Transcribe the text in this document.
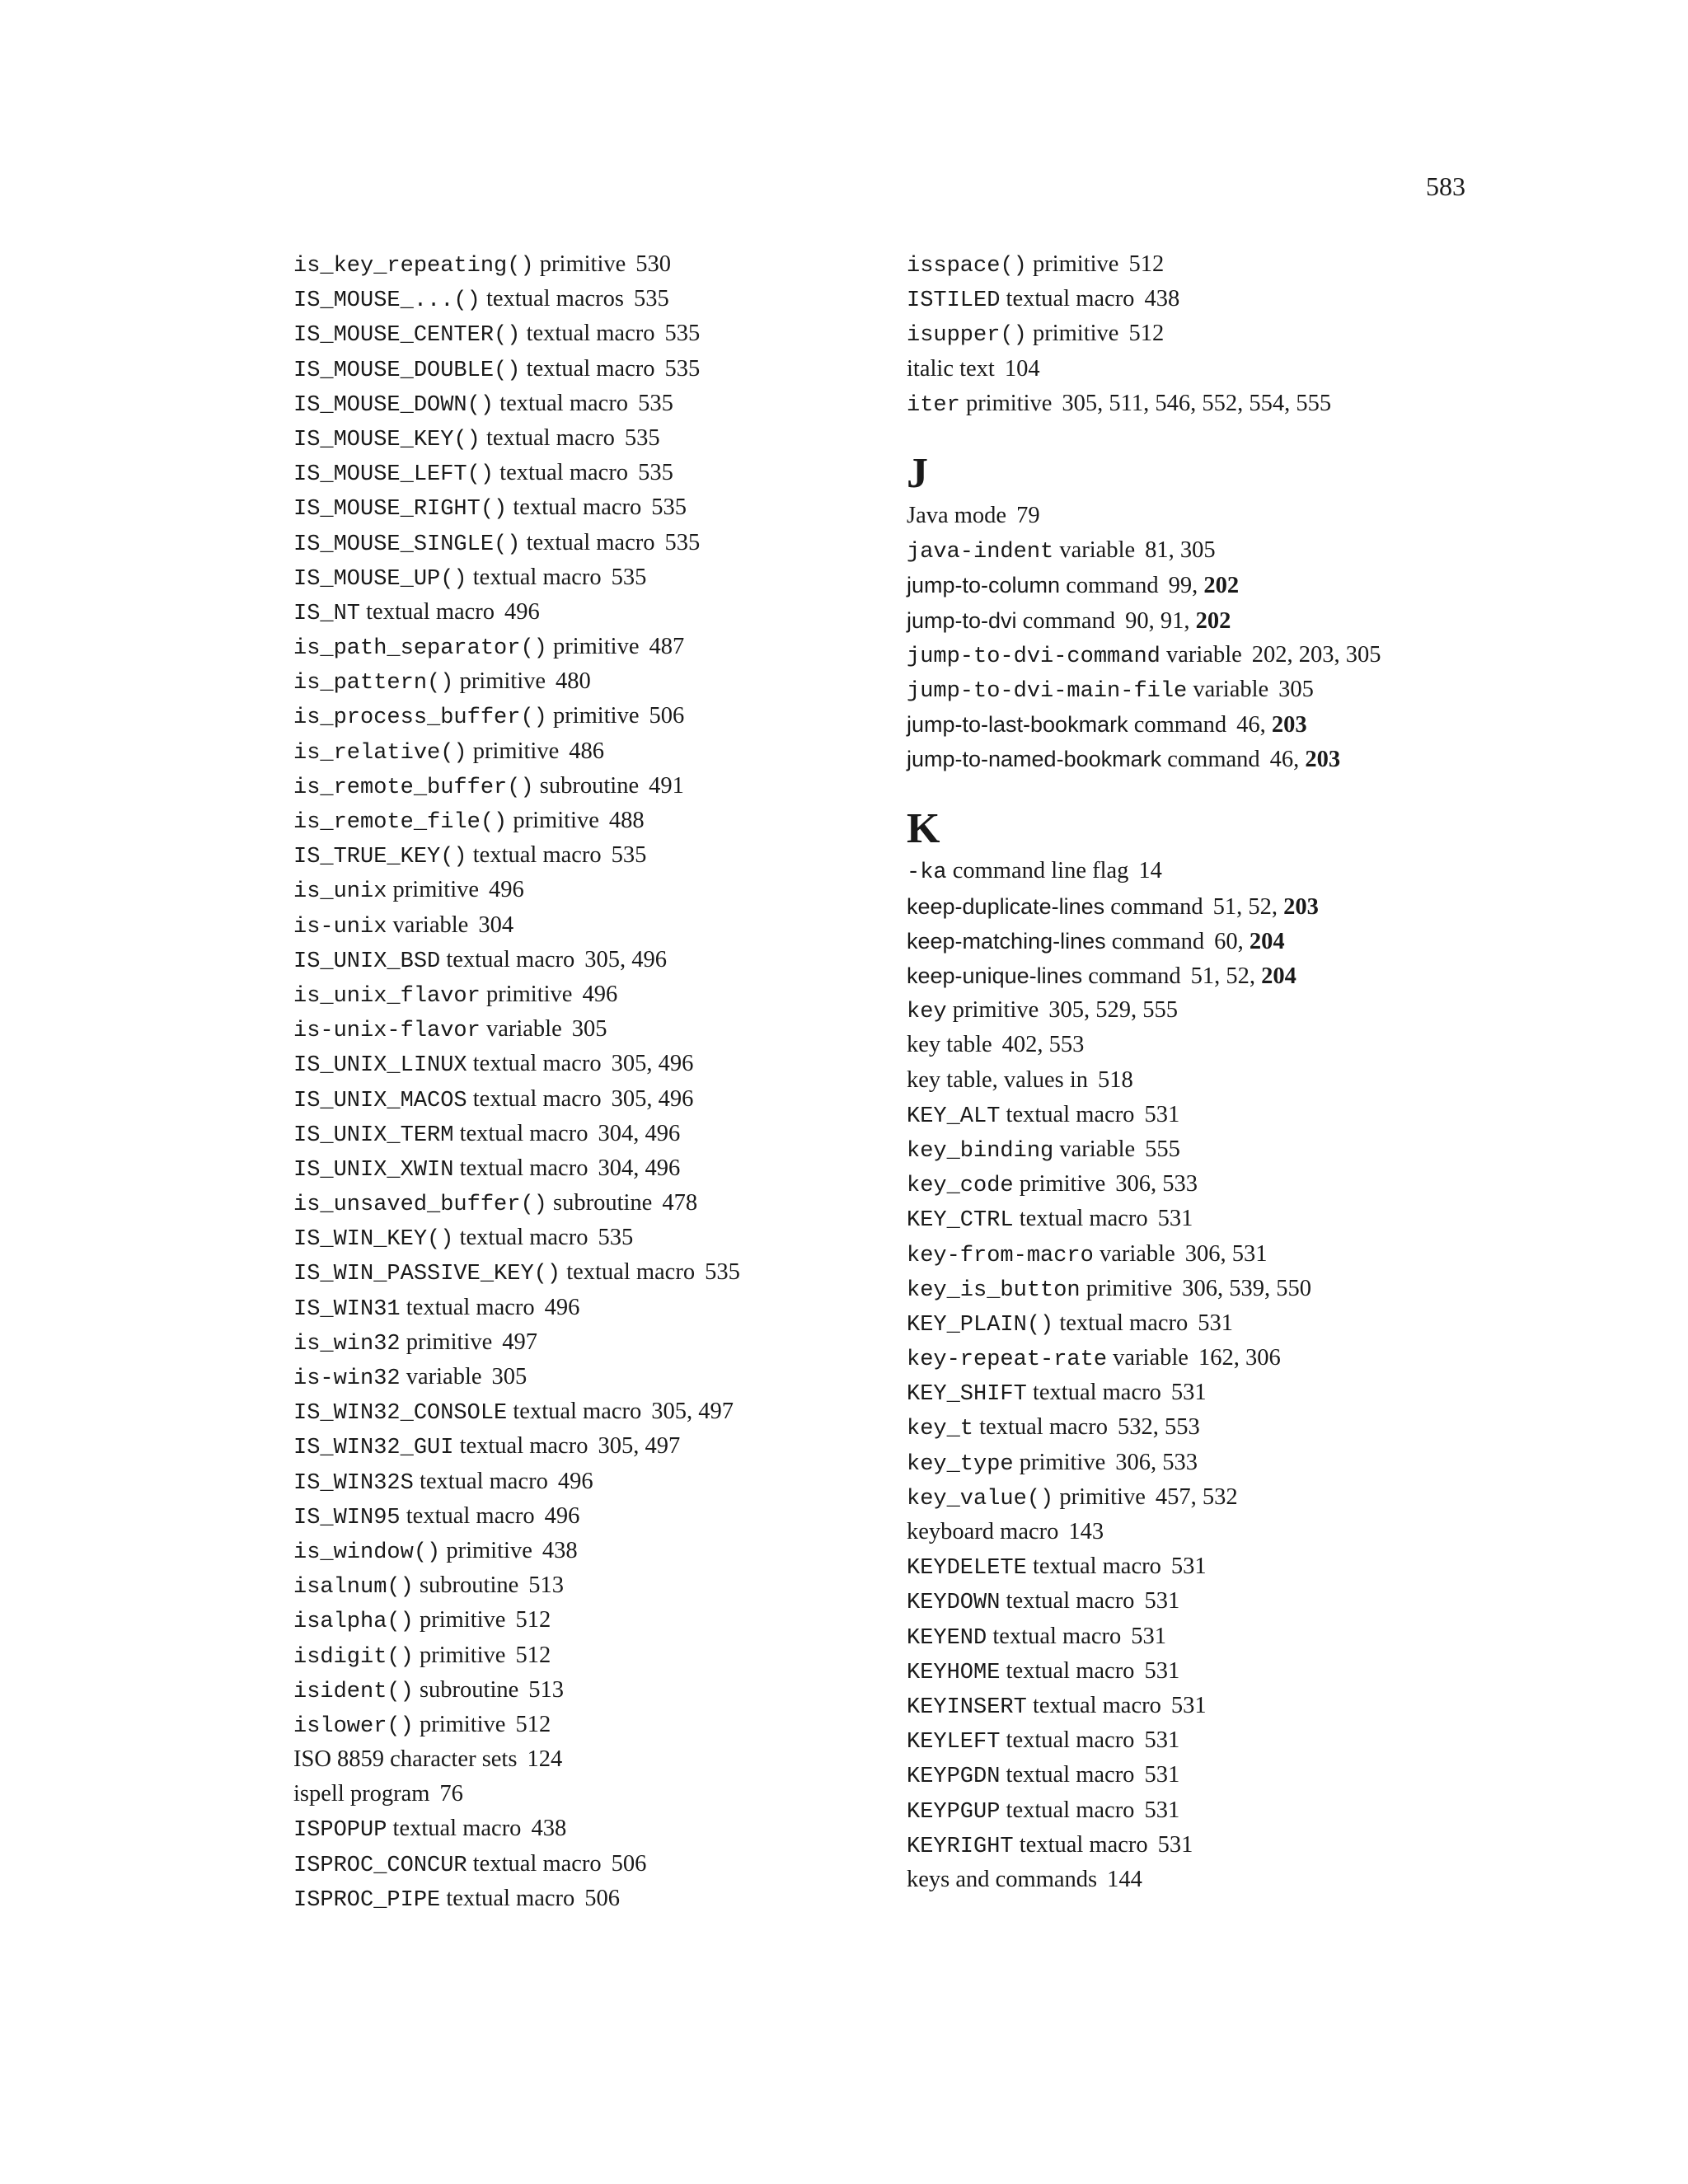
583
is_key_repeating() primitive 530
IS_MOUSE_...() textual macros 535
IS_MOUSE_CENTER() textual macro 535
IS_MOUSE_DOUBLE() textual macro 535
IS_MOUSE_DOWN() textual macro 535
IS_MOUSE_KEY() textual macro 535
IS_MOUSE_LEFT() textual macro 535
IS_MOUSE_RIGHT() textual macro 535
IS_MOUSE_SINGLE() textual macro 535
IS_MOUSE_UP() textual macro 535
IS_NT textual macro 496
is_path_separator() primitive 487
is_pattern() primitive 480
is_process_buffer() primitive 506
is_relative() primitive 486
is_remote_buffer() subroutine 491
is_remote_file() primitive 488
IS_TRUE_KEY() textual macro 535
is_unix primitive 496
is-unix variable 304
IS_UNIX_BSD textual macro 305, 496
is_unix_flavor primitive 496
is-unix-flavor variable 305
IS_UNIX_LINUX textual macro 305, 496
IS_UNIX_MACOS textual macro 305, 496
IS_UNIX_TERM textual macro 304, 496
IS_UNIX_XWIN textual macro 304, 496
is_unsaved_buffer() subroutine 478
IS_WIN_KEY() textual macro 535
IS_WIN_PASSIVE_KEY() textual macro 535
IS_WIN31 textual macro 496
is_win32 primitive 497
is-win32 variable 305
IS_WIN32_CONSOLE textual macro 305, 497
IS_WIN32_GUI textual macro 305, 497
IS_WIN32S textual macro 496
IS_WIN95 textual macro 496
is_window() primitive 438
isalnum() subroutine 513
isalpha() primitive 512
isdigit() primitive 512
isident() subroutine 513
islower() primitive 512
ISO 8859 character sets 124
ispell program 76
ISPOPUP textual macro 438
ISPROC_CONCUR textual macro 506
ISPROC_PIPE textual macro 506
isspace() primitive 512
ISTILED textual macro 438
isupper() primitive 512
italic text 104
iter primitive 305, 511, 546, 552, 554, 555
J
Java mode 79
java-indent variable 81, 305
jump-to-column command 99, 202
jump-to-dvi command 90, 91, 202
jump-to-dvi-command variable 202, 203, 305
jump-to-dvi-main-file variable 305
jump-to-last-bookmark command 46, 203
jump-to-named-bookmark command 46, 203
K
-ka command line flag 14
keep-duplicate-lines command 51, 52, 203
keep-matching-lines command 60, 204
keep-unique-lines command 51, 52, 204
key primitive 305, 529, 555
key table 402, 553
key table, values in 518
KEY_ALT textual macro 531
key_binding variable 555
key_code primitive 306, 533
KEY_CTRL textual macro 531
key-from-macro variable 306, 531
key_is_button primitive 306, 539, 550
KEY_PLAIN() textual macro 531
key-repeat-rate variable 162, 306
KEY_SHIFT textual macro 531
key_t textual macro 532, 553
key_type primitive 306, 533
key_value() primitive 457, 532
keyboard macro 143
KEYDELETE textual macro 531
KEYDOWN textual macro 531
KEYEND textual macro 531
KEYHOME textual macro 531
KEYINSERT textual macro 531
KEYLEFT textual macro 531
KEYPGDN textual macro 531
KEYPGUP textual macro 531
KEYRIGHT textual macro 531
keys and commands 144
